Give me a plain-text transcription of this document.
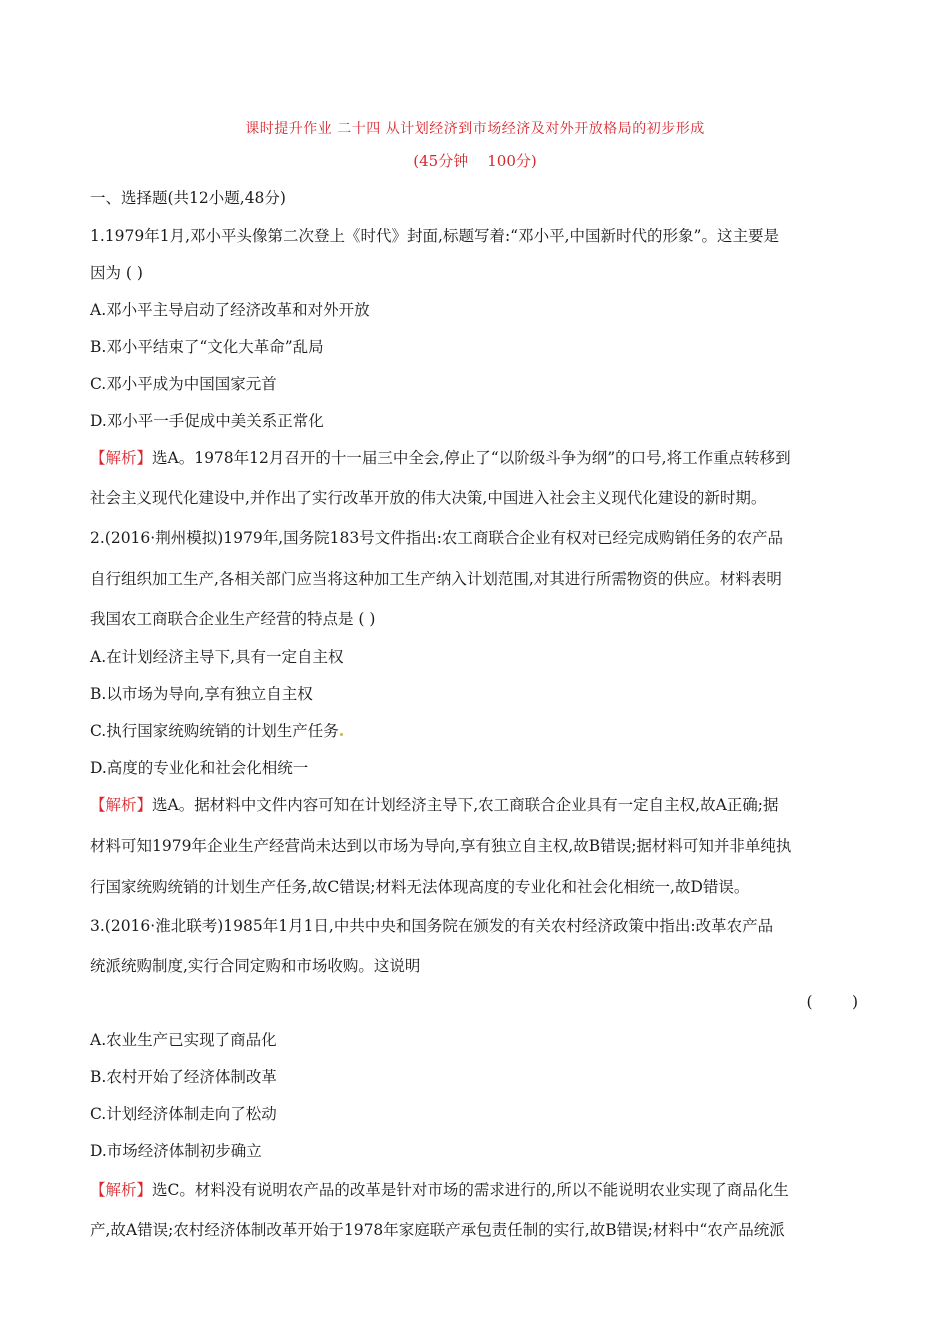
课时提升作业 二十四 从计划经济到市场经济及对外开放格局的初步形成
(45分钟    100分)
一、选择题(共12小题,48分)
1.1979年1月,邓小平头像第二次登上《时代》封面,标题写着:“邓小平,中国新时代的形象”。这主要是
因为 ( )
A.邓小平主导启动了经济改革和对外开放
B.邓小平结束了“文化大革命”乱局
C.邓小平成为中国国家元首
D.邓小平一手促成中美关系正常化
【解析】选A。1978年12月召开的十一届三中全会,停止了“以阶级斗争为纲”的口号,将工作重点转移到
社会主义现代化建设中,并作出了实行改革开放的伟大决策,中国进入社会主义现代化建设的新时期。
2.(2016·荆州模拟)1979年,国务院183号文件指出:农工商联合企业有权对已经完成购销任务的农产品
自行组织加工生产,各相关部门应当将这种加工生产纳入计划范围,对其进行所需物资的供应。材料表明
我国农工商联合企业生产经营的特点是 ( )
A.在计划经济主导下,具有一定自主权
B.以市场为导向,享有独立自主权
C.执行国家统购统销的计划生产任务
D.高度的专业化和社会化相统一
【解析】选A。据材料中文件内容可知在计划经济主导下,农工商联合企业具有一定自主权,故A正确;据
材料可知1979年企业生产经营尚未达到以市场为导向,享有独立自主权,故B错误;据材料可知并非单纯执
行国家统购统销的计划生产任务,故C错误;材料无法体现高度的专业化和社会化相统一,故D错误。
3.(2016·淮北联考)1985年1月1日,中共中央和国务院在颁发的有关农村经济政策中指出:改革农产品
统派统购制度,实行合同定购和市场收购。这说明
(        )
A.农业生产已实现了商品化
B.农村开始了经济体制改革
C.计划经济体制走向了松动
D.市场经济体制初步确立
【解析】选C。材料没有说明农产品的改革是针对市场的需求进行的,所以不能说明农业实现了商品化生
产,故A错误;农村经济体制改革开始于1978年家庭联产承包责任制的实行,故B错误;材料中“农产品统派
